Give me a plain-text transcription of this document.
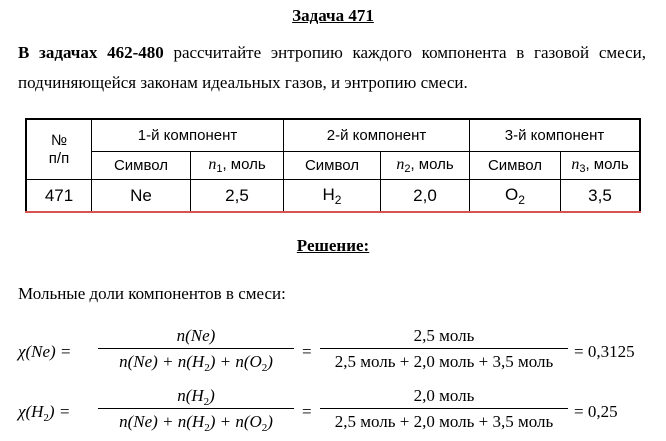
Задача 471
В задачах 462-480 рассчитайте энтропию каждого компонента в газовой смеси, подчиняющейся законам идеальных газов, и энтропию смеси.
№
п/п	1-й компонент		2-й компонент		3-й компонент	
	Символ	$n_1$, моль	Символ	$n_2$, моль	Символ	$n_3$, моль
471	Ne	2,5	$H_2$	2,0	$O_2$	3,5
Решение:
Мольные доли компонентов в смеси:
χ(Ne) =
n(Ne)
$n(Ne) + n(H_2) + n(O_2)$
=
2,5 моль
2,5 моль + 2,0 моль + 3,5 моль
= 0,3125
$\chi(H_2)$ =
$n(H_2)$
$n(Ne) + n(H_2) + n(O_2)$
=
2,0 моль
2,5 моль + 2,0 моль + 3,5 моль
= 0,25
